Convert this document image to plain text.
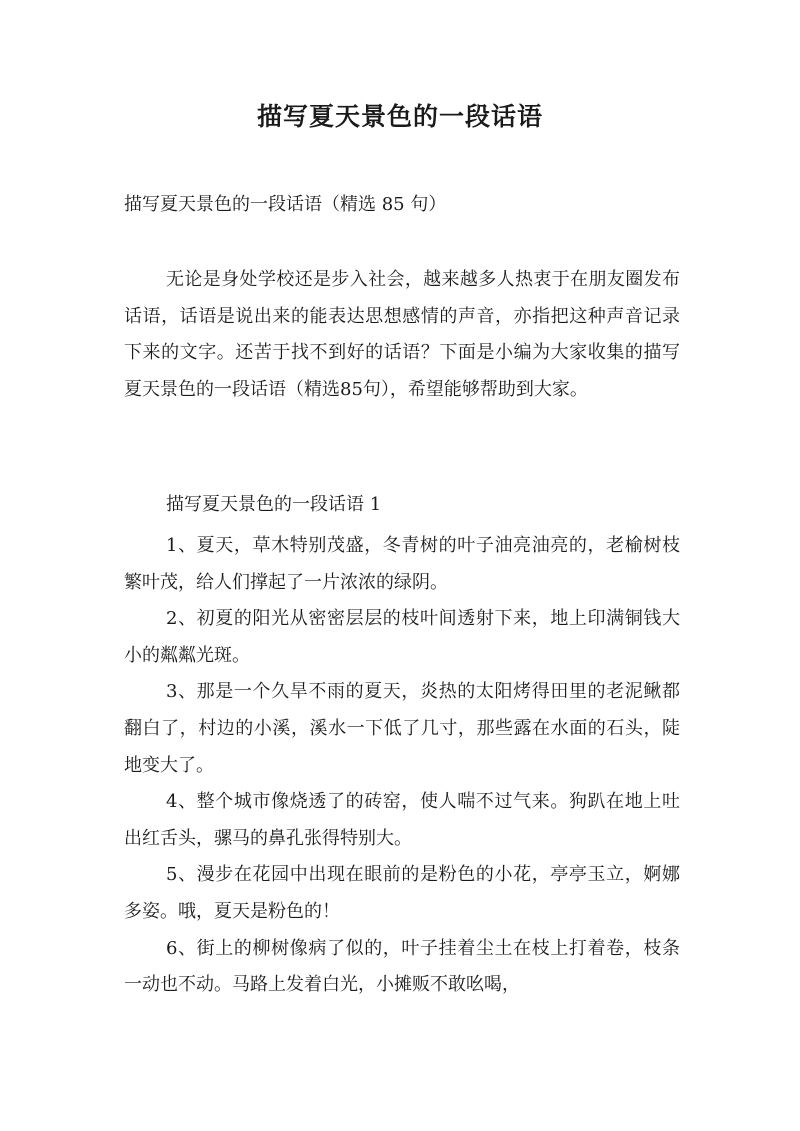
描写夏天景色的一段话语
描写夏天景色的一段话语（精选 85 句）

无论是身处学校还是步入社会，越来越多人热衷于在朋友圈发布话语，话语是说出来的能表达思想感情的声音，亦指把这种声音记录下来的文字。还苦于找不到好的话语？下面是小编为大家收集的描写夏天景色的一段话语（精选85句），希望能够帮助到大家。

描写夏天景色的一段话语 1

1、夏天，草木特别茂盛，冬青树的叶子油亮油亮的，老榆树枝繁叶茂，给人们撑起了一片浓浓的绿阴。

2、初夏的阳光从密密层层的枝叶间透射下来，地上印满铜钱大小的粼粼光斑。

3、那是一个久旱不雨的夏天，炎热的太阳烤得田里的老泥鳅都翻白了，村边的小溪，溪水一下低了几寸，那些露在水面的石头，陡地变大了。

4、整个城市像烧透了的砖窑，使人喘不过气来。狗趴在地上吐出红舌头，骡马的鼻孔张得特别大。

5、漫步在花园中出现在眼前的是粉色的小花，亭亭玉立，婀娜多姿。哦，夏天是粉色的！

6、街上的柳树像病了似的，叶子挂着尘土在枝上打着卷，枝条一动也不动。马路上发着白光，小摊贩不敢吆喝，
